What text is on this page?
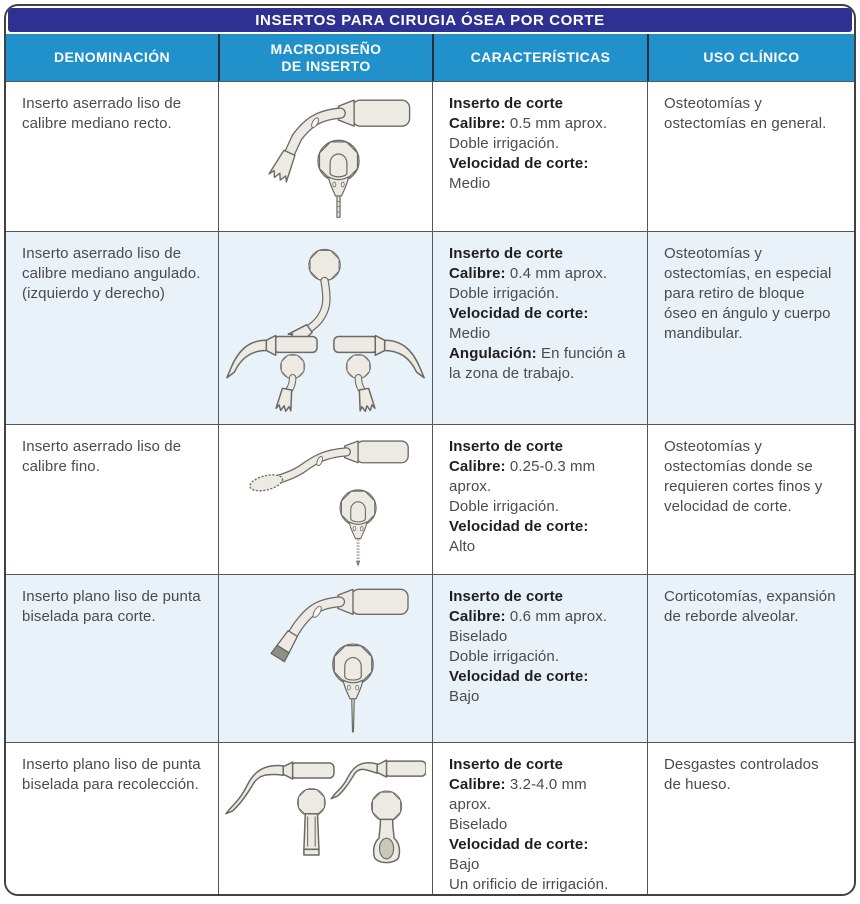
INSERTOS PARA CIRUGIA ÓSEA POR CORTE
DENOMINACIÓN
MACRODISEÑO
DE INSERTO
CARACTERÍSTICAS	USO CLÍNICO
Inserto aserrado liso de calibre mediano recto.
Inserto de corte
Calibre: 0.5 mm aprox.
Doble irrigación.
Velocidad de corte:
Medio
Osteotomías y ostectomías en general.
Inserto aserrado liso de calibre mediano angulado. (izquierdo y derecho)
Inserto de corte
Calibre: 0.4 mm aprox.
Doble irrigación.
Velocidad de corte:
Medio
Angulación: En función a la zona de trabajo.
Osteotomías y ostectomías, en especial para retiro de bloque óseo en ángulo y cuerpo mandibular.
Inserto aserrado liso de calibre fino.
Inserto de corte
Calibre: 0.25-0.3 mm aprox.
Doble irrigación.
Velocidad de corte:
Alto
Osteotomías y ostectomías donde se requieren cortes finos y velocidad de corte.
Inserto plano liso de punta biselada para corte.
Inserto de corte
Calibre: 0.6 mm aprox.
Biselado
Doble irrigación.
Velocidad de corte:
Bajo
Corticotomías, expansión de reborde alveolar.
Inserto plano liso de punta biselada para recolección.
Inserto de corte
Calibre: 3.2-4.0 mm aprox.
Biselado
Velocidad de corte:
Bajo
Un orificio de irrigación.
Desgastes controlados de hueso.
